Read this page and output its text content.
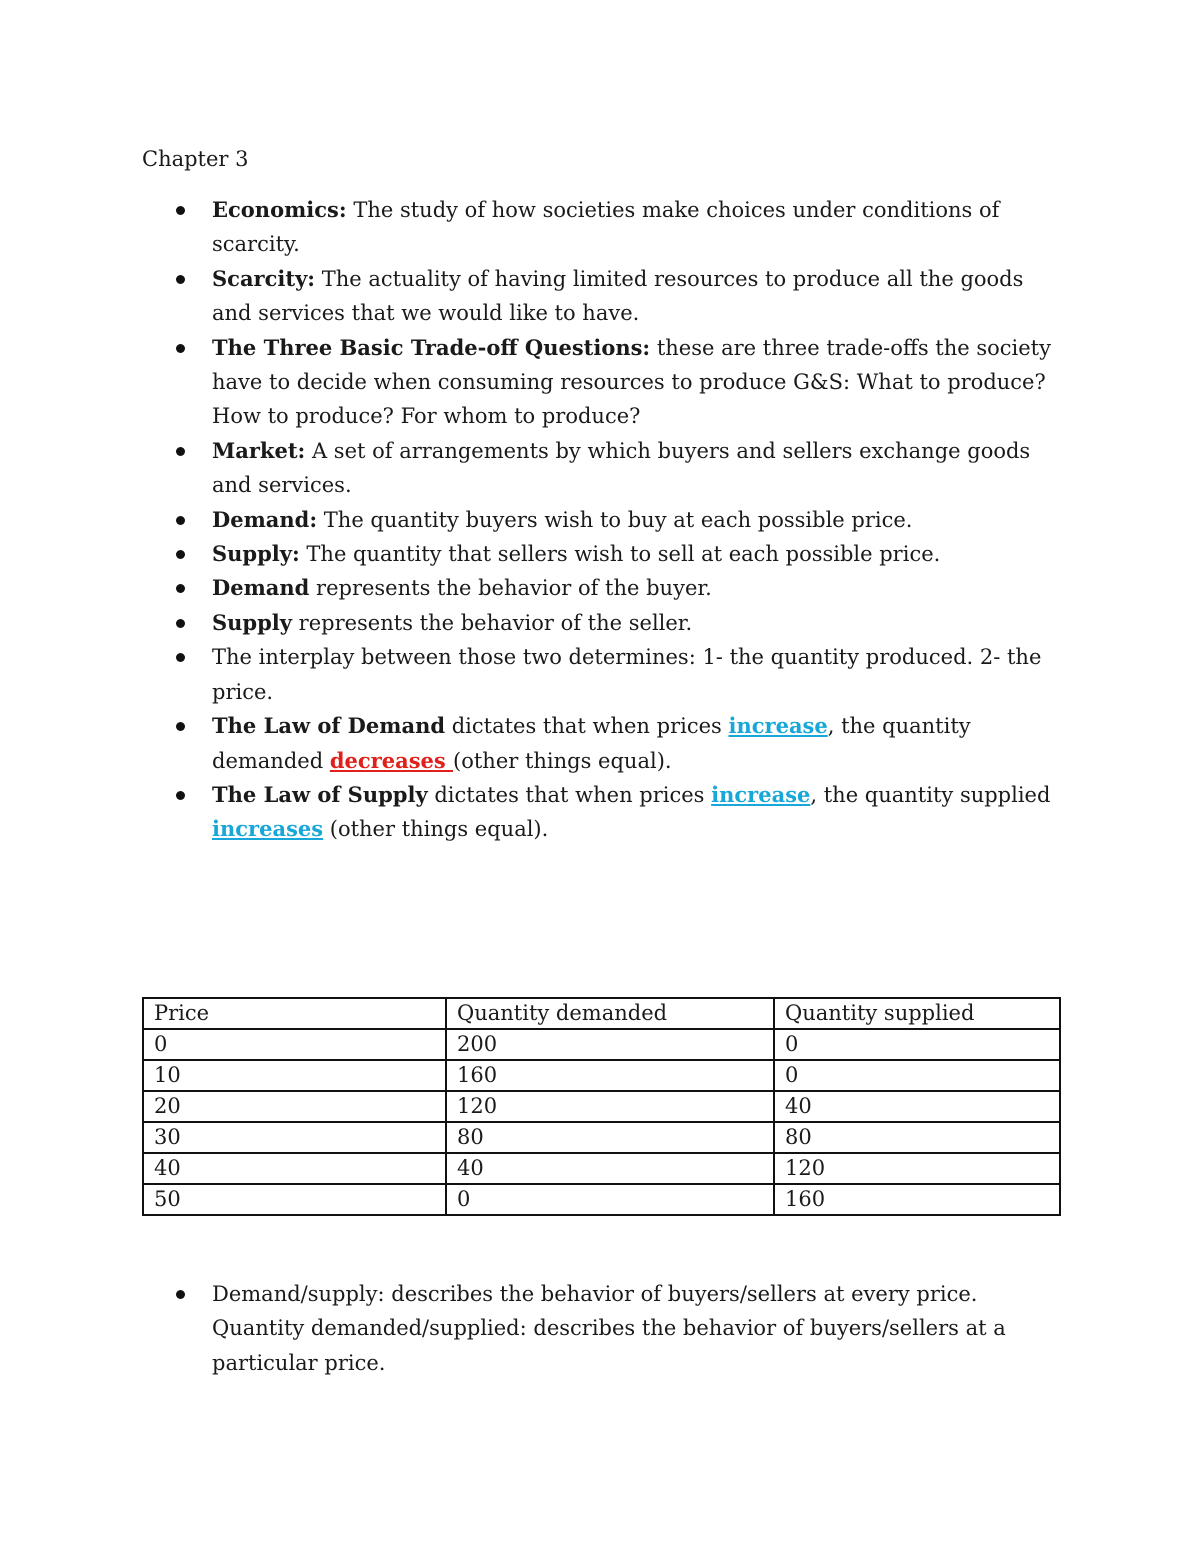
Chapter 3
Economics: The study of how societies make choices under conditions of scarcity.
Scarcity: The actuality of having limited resources to produce all the goods and services that we would like to have.
The Three Basic Trade-off Questions: these are three trade-offs the society have to decide when consuming resources to produce G&S: What to produce? How to produce? For whom to produce?
Market: A set of arrangements by which buyers and sellers exchange goods and services.
Demand: The quantity buyers wish to buy at each possible price.
Supply: The quantity that sellers wish to sell at each possible price.
Demand represents the behavior of the buyer.
Supply represents the behavior of the seller.
The interplay between those two determines: 1- the quantity produced. 2- the price.
The Law of Demand dictates that when prices increase, the quantity demanded decreases (other things equal).
The Law of Supply dictates that when prices increase, the quantity supplied increases (other things equal).
Price	Quantity demanded	Quantity supplied
0	200	0
10	160	0
20	120	40
30	80	80
40	40	120
50	0	160
Demand/supply: describes the behavior of buyers/sellers at every price. Quantity demanded/supplied: describes the behavior of buyers/sellers at a particular price.
